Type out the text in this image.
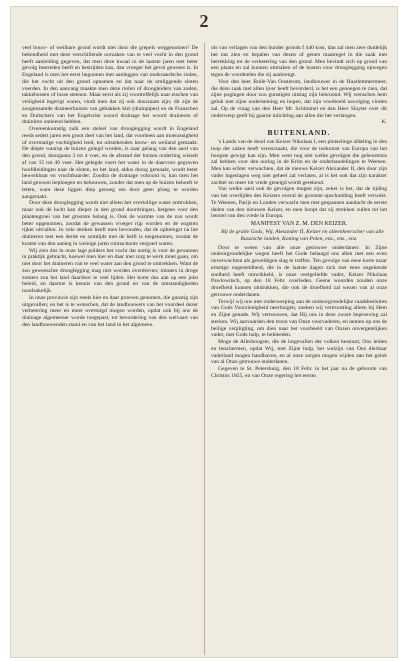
2

veel bouw- of weilbare grond wordt niet door die grepels weggenomen? De bekendheid met deze verschillende oorzaken van te veel vocht in den grond heeft aanleiding gegeven, dat men deze kwaal in de laatste jaren met beter gevolg bestreden heeft en bestrijden kan, dan vroeger het geval geweest is. In Engeland is men het eerst begonnen met aanleggen van onderaardsche riolen, die het vocht uit den grond opnamen en dat naar de omliggende sloten voerden. In den aanvang maakte men deze riolen of droogleiders van zoden, takkebossen of losse steenen. Maar eerst als zij voortreffelijk naar eischen van veiligheid ingerigt waren, vindt men dat zij ook duurzaam zijn; dit zijn de zoogenaamde draineerbuizen van gebakken klei (drainpipes) en de Franschen en Duitschers van het Engelsche woord drainage het woord draineren of drainiren ontleend hebben.

Overeenkomstig zulk een stelsel van drooglegging wordt in Engeland reeds sedert jaren een groot deel van het land, dat voorheen aan moerassigheid of overmatige vochtigheid leed, tot uitstekenden bouw- en weiland gemaakt. De diepte waarop de buizen gelegd worden, is naar gelang van den aard van den grond, doorgaans 3 tot 4 voet, en de afstand der buizen onderling wisselt af van 15 tot 40 voet. Het gelegde voert het water in de daarvoor gegraven hoofdleidingen naar de sloten, en het land, aldus droog gemaakt, wordt beter bewerkbaar en vruchtbaarder. Zoodra de drainage voltooid is, kan men het land gewoon beploegen en bebouwen, zonder dat men op de buizen behoeft te letten, want deze liggen diep genoeg om door geen ploeg te worden aangeraakt.

Door deze drooglegging wordt niet alleen het overtollige water onttrokken, maar ook de lucht kan dieper in den grond doordringen, hetgeen voor den plantengroei van het grootste belang is. Ook de warmte van de zon wordt beter opgenomen, zoodat de gewassen vroeger rijp worden en de oogsten rijker uitvallen. In vele streken heeft men bevonden, dat de opbrengst na het draineren met een derde en somtijds met de helft is toegenomen, zoodat de kosten van den aanleg in weinige jaren ruimschoots vergoed waren.

Wij zien dus in onze lage polders het vocht dat nuttig is voor de gewassen in praktijk gebracht, hoewel men hier en daar met zorg te werk moet gaan, om niet door het draineren van te veel water aan den grond te onttrekken. Want de zoo gewenschte drooglegging mag niet worden overdreven; immers in droge zomers zou het land daardoor te veel lijden. Het komt dus aan op een juist beleid, en daartoe is kennis van den grond en van de omstandigheden noodzakelijk.

In onze provincie zijn reeds hier en daar proeven genomen, die gunstig zijn uitgevallen; en het is te wenschen, dat de landbouwers van het voordeel dezer verbetering meer en meer overtuigd mogen worden, opdat ook bij ons de drainage algemeener worde toegepast, tot bevordering van den welvaart van den landbouwenden stand en van het land in het algemeen.

ols van verlagen van den bunder gronds f 440 kost, dan zal men zeer duidelijk het nut zien en bepalen van dezen of genen maatregel in die zaak met betrekking tot de verbetering van den grond. Men bevindt zich op grond van een plaats en zal kunnen uitmaken of de kosten voor drooglegging opwegen tegen de voordeelen die zij aanbrengt.

Voor den heer Bolle-Van Oosterom, landbouwer in de Haarlemmermeer, die deze zaak met allen ijver heeft bevorderd, is het een genoegen te zien, dat zijne pogingen door zoo gunstigen uitslag zijn bekroond. Wij wenschen hem geluk met zijne onderneming en hopen, dat zijn voorbeeld navolging vinden zal. Op de vraag van den Heer Mr. Schimmel en den Heer Sluyter over dit onderwerp geeft hij gaarne inlichting aan allen die het verlangen.

K.

BUITENLAND.

's Lands van de dood van Keizer Nikolaas I, een plotselinge afdeling in den loop der zaken heeft veroorzaakt, die voor de toekomst van Europa van het hoogste gewigt kan zijn. Men weet nog niet welke gevolgen die gebeurtenis zal hebben voor den oorlog in de Krim en de onderhandelingen te Weenen. Men kan echter verwachten, dat de nieuwe Keizer Alexander II, den door zijn vader ingeslagen weg niet geheel zal verlaten, al is het ook dat zijn karakter zachter en meer tot vrede geneigd wordt gerekend.

Van welke aard ook de gevolgen mogen zijn, zeker is het, dat de tijding van het overlijden des Keizers overal de grootste opschudding heeft verwekt. Te Weenen, Parijs en Londen verwacht men met gespannen aandacht de eerste daden van den nieuwen Keizer, en men hoopt dat zij strekken zullen tot het herstel van den vrede in Europa.

MANIFEST VAN Z. M. DEN KEIZER.

Bij de gratie Gods, Wij, Alexander II, Keizer en alleenheerscher van alle Russische landen, Koning van Polen, enz., enz., enz.

Door te weten van alle onze getrouwe onderdanen: In Zijne ondoorgrondelijke wegen heeft het Gode behaagd ons allen met een even onverwachten als geweldigen slag te treffen. Ten gevolge van eene korte maar ernstige ongesteldheid, die in de laatste dagen zich met eene ongekende snelheid heeft ontwikkeld, is onze veelgeliefde vader, Keizer Nikolaas Pawlowitsch, op den 18 Febr. overleden. Geene woorden zouden onze droefheid kunnen uitdrukken, die ook de droefheid zal wezen van al onze getrouwe onderdanen.

Terwijl wij ons met onderwerping aan de ondoorgrondelijke raadsbesluiten van Gods Voorzienigheid neerbuigen, zoeken wij vertroosting alleen bij Hem en Zijne genade. Wij vertrouwen, dat Hij ons in deze zware beproeving zal sterken. Wij aanvaarden den troon van Onze voorvaderen, en nemen op ons de heilige verpligting, om dien naar het voorbeeld van Onzen onvergetelijken vader, met Gods hulp, te bekleeden.

Moge de Allerhoogste, die de lotgevallen der volken bestuurt, Ons leiden en beschermen, opdat Wij, met Zijne hulp, het welzijn van Ons dierbaar vaderland mogen handhaven, en al onze zorgen mogen wijden aan het geluk van al Onze getrouwe onderdanen.

Gegeven te St. Petersburg, den 18 Febr. in het jaar na de geboorte van Christus 1855, en van Onze regering het eerste.
